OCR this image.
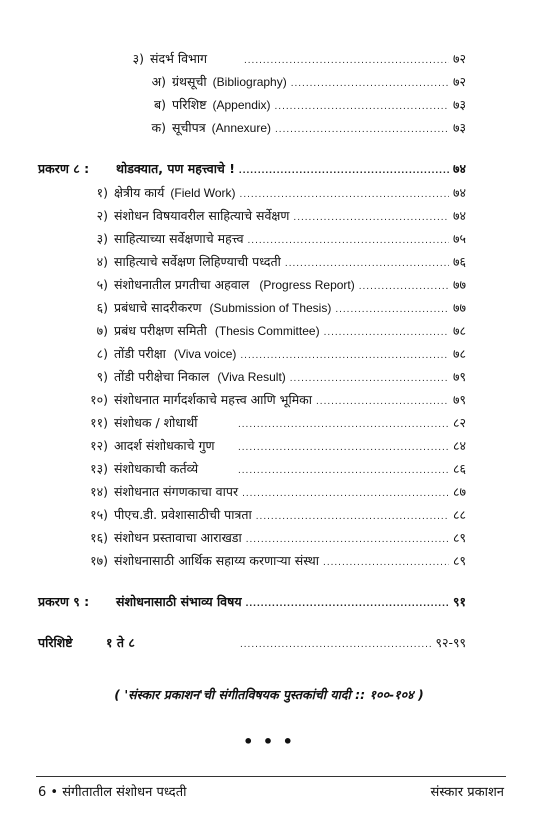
३) संदर्भ विभाग .....	७२
अ) ग्रंथसूची (Bibliography) .....	७२
ब) परिशिष्ट (Appendix) .....	७३
क) सूचीपत्र (Annexure) .....	७३
प्रकरण ८ :	थोडक्यात, पण महत्त्वाचे ! .....	७४
१) क्षेत्रीय कार्य (Field Work) .....	७४
२) संशोधन विषयावरील साहित्याचे सर्वेक्षण .....	७४
३) साहित्याच्या सर्वेक्षणाचे महत्त्व .....	७५
४) साहित्याचे सर्वेक्षण लिहिण्याची पध्दती .....	७६
५) संशोधनातील प्रगतीचा अहवाल (Progress Report) .....	७७
६) प्रबंधाचे सादरीकरण (Submission of Thesis) .....	७७
७) प्रबंध परीक्षण समिती (Thesis Committee) .....	७८
८) तोंडी परीक्षा (Viva voice) .....	७८
९) तोंडी परीक्षेचा निकाल (Viva Result) .....	७९
१०) संशोधनात मार्गदर्शकाचे महत्त्व आणि भूमिका .....	७९
११) संशोधक / शोधार्थी .....	८२
१२) आदर्श संशोधकाचे गुण .....	८४
१३) संशोधकाची कर्तव्ये .....	८६
१४) संशोधनात संगणकाचा वापर .....	८७
१५) पीएच.डी. प्रवेशासाठीची पात्रता .....	८८
१६) संशोधन प्रस्तावाचा आराखडा .....	८९
१७) संशोधनासाठी आर्थिक सहाय्य करणाऱ्या संस्था .....	८९
प्रकरण ९ :	संशोधनासाठी संभाव्य विषय .....	९१
परिशिष्टे	१ ते ८ .....	९२-९९
( 'संस्कार प्रकाशन'ची संगीतविषयक पुस्तकांची यादी :: १००-१०४ )
• • •
6 • संगीतातील संशोधन पध्दती	संस्कार प्रकाशन
